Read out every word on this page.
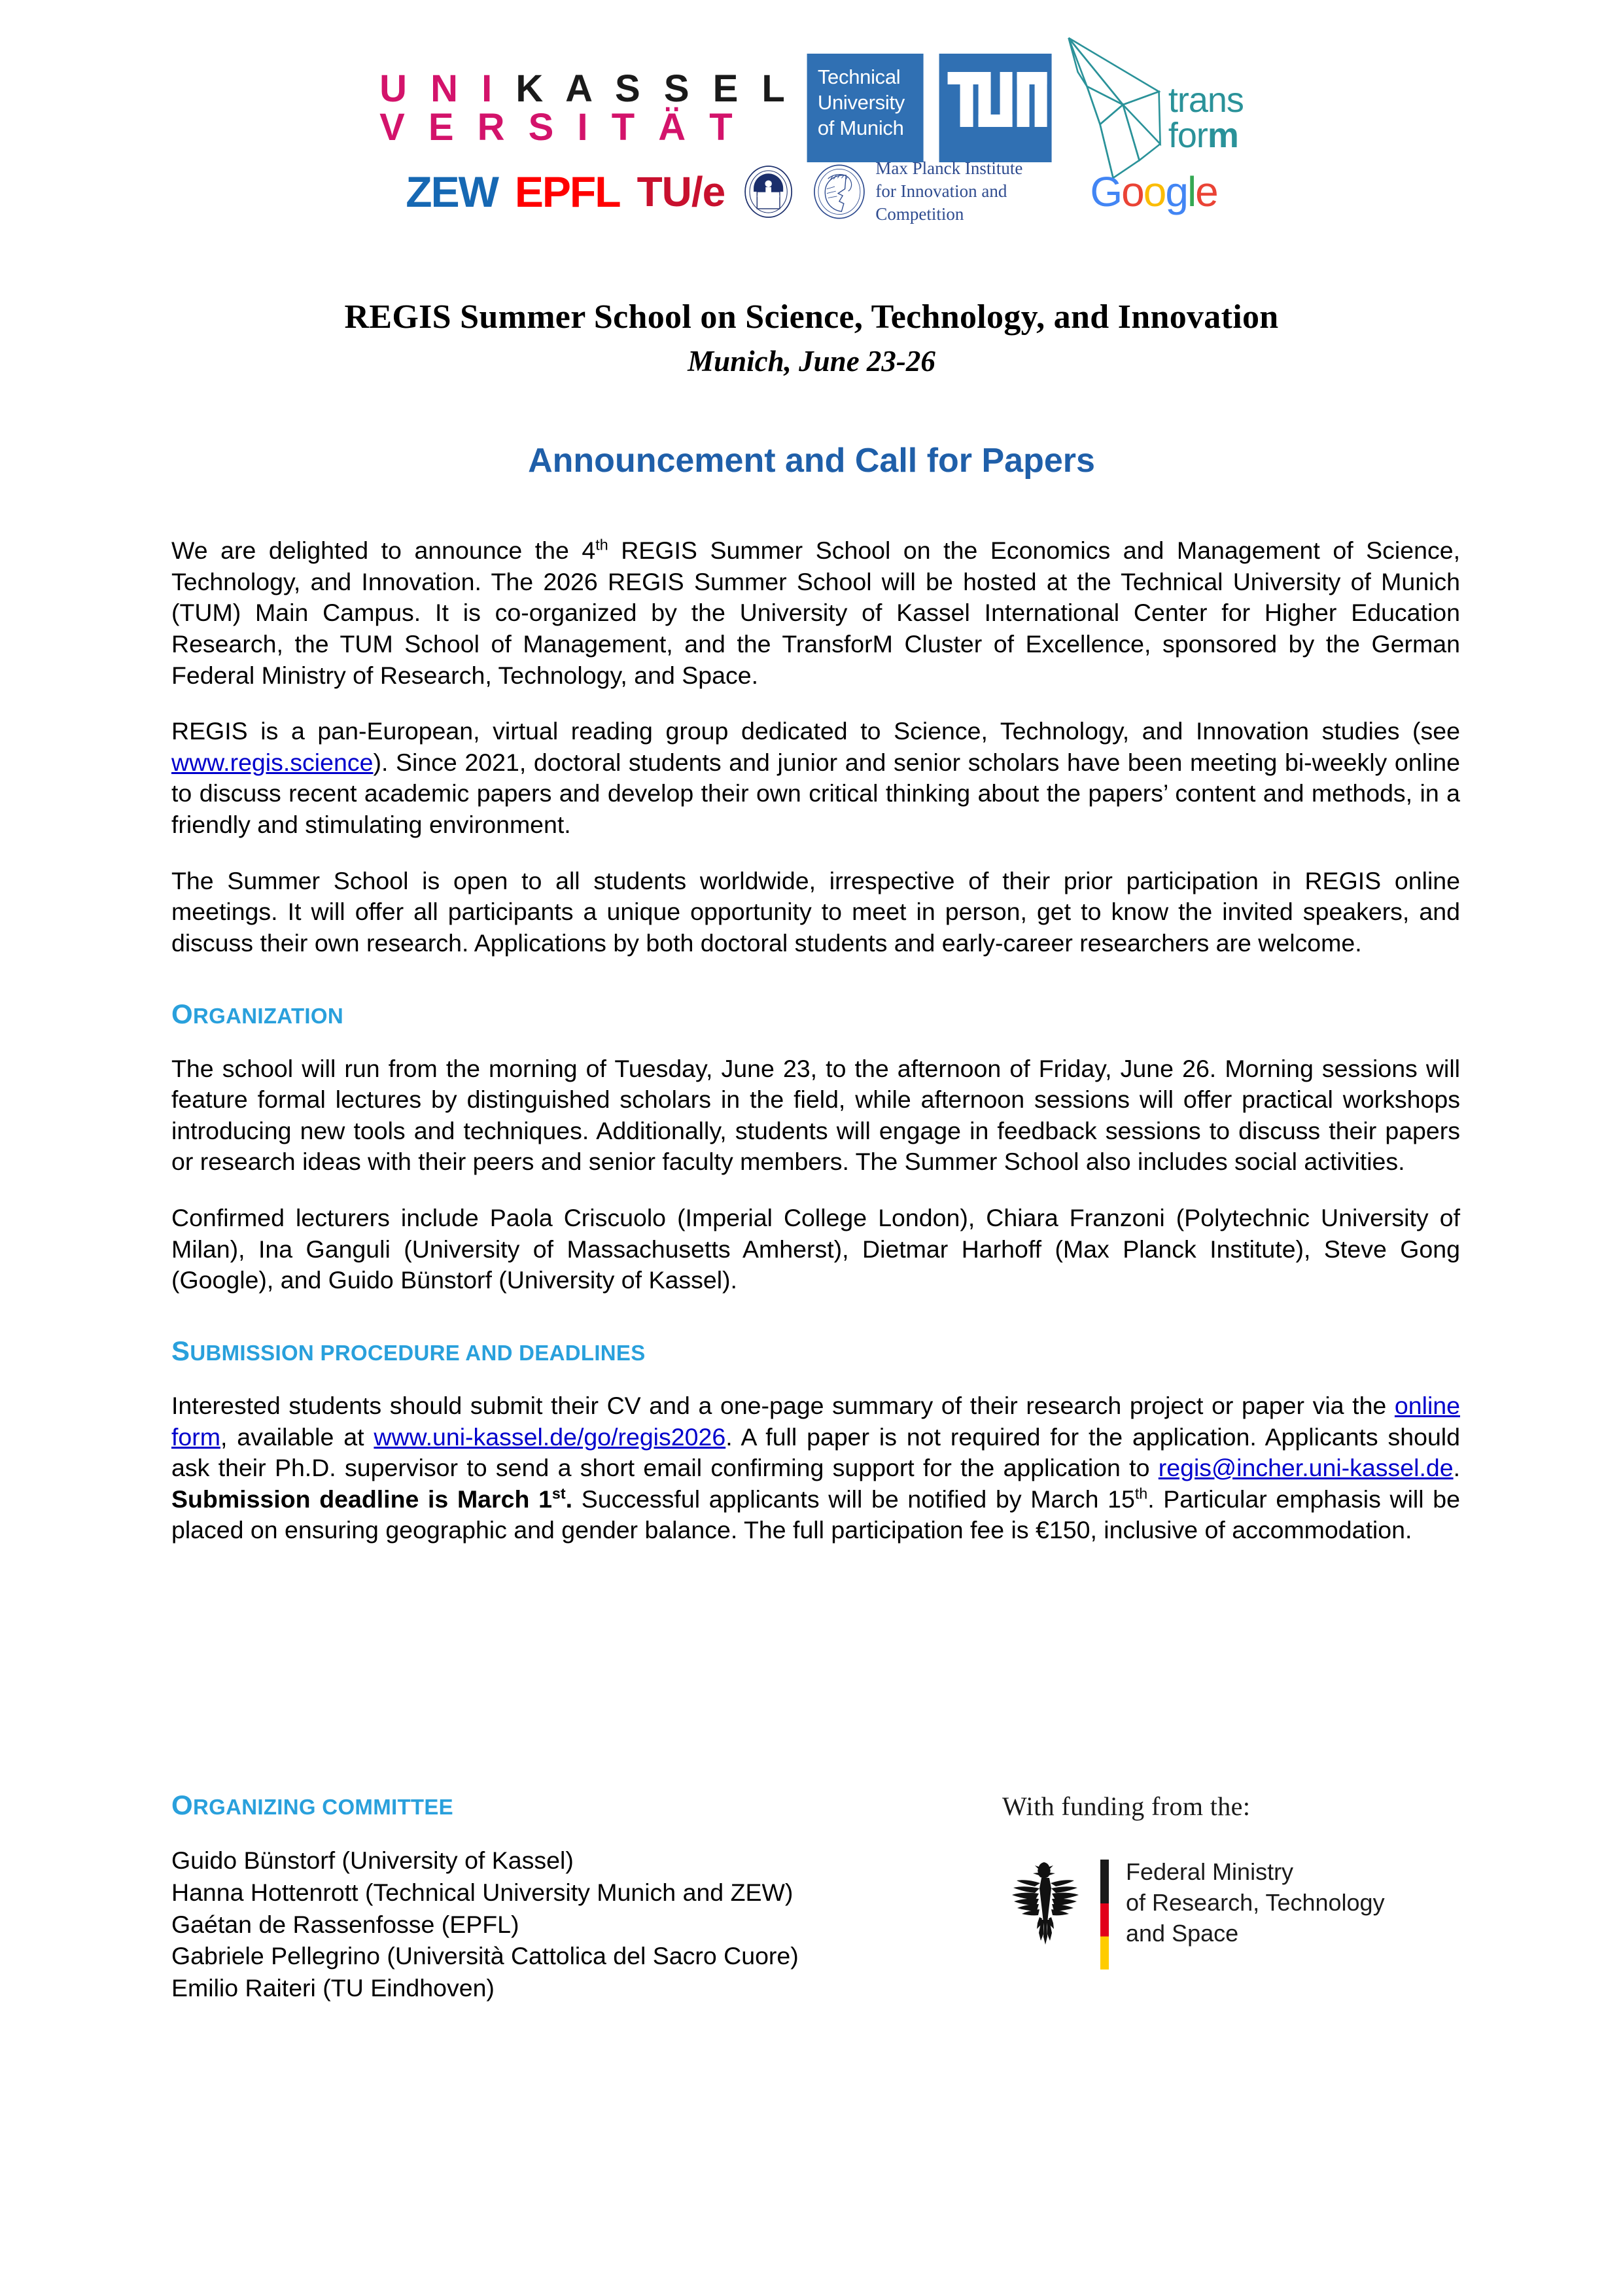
U N I K A S S E L
V E R S I T Ä T
Technical
University
of Munich
trans
form
ZEW EPFL TU/e	Max Planck Institute
for Innovation and Competition	Google
REGIS Summer School on Science, Technology, and Innovation
Munich, June 23-26
Announcement and Call for Papers

We are delighted to announce the 4th REGIS Summer School on the Economics and Management of Science, Technology, and Innovation. The 2026 REGIS Summer School will be hosted at the Technical University of Munich (TUM) Main Campus. It is co-organized by the University of Kassel International Center for Higher Education Research, the TUM School of Management, and the TransforM Cluster of Excellence, sponsored by the German Federal Ministry of Research, Technology, and Space.

REGIS is a pan-European, virtual reading group dedicated to Science, Technology, and Innovation studies (see www.regis.science). Since 2021, doctoral students and junior and senior scholars have been meeting bi-weekly online to discuss recent academic papers and develop their own critical thinking about the papers’ content and methods, in a friendly and stimulating environment.

The Summer School is open to all students worldwide, irrespective of their prior participation in REGIS online meetings. It will offer all participants a unique opportunity to meet in person, get to know the invited speakers, and discuss their own research. Applications by both doctoral students and early-career researchers are welcome.

ORGANIZATION

The school will run from the morning of Tuesday, June 23, to the afternoon of Friday, June 26. Morning sessions will feature formal lectures by distinguished scholars in the field, while afternoon sessions will offer practical workshops introducing new tools and techniques. Additionally, students will engage in feedback sessions to discuss their papers or research ideas with their peers and senior faculty members. The Summer School also includes social activities.

Confirmed lecturers include Paola Criscuolo (Imperial College London), Chiara Franzoni (Polytechnic University of Milan), Ina Ganguli (University of Massachusetts Amherst), Dietmar Harhoff (Max Planck Institute), Steve Gong (Google), and Guido Bünstorf (University of Kassel).

SUBMISSION PROCEDURE AND DEADLINES

Interested students should submit their CV and a one-page summary of their research project or paper via the online form, available at www.uni-kassel.de/go/regis2026. A full paper is not required for the application. Applicants should ask their Ph.D. supervisor to send a short email confirming support for the application to regis@incher.uni-kassel.de. Submission deadline is March 1st. Successful applicants will be notified by March 15th. Particular emphasis will be placed on ensuring geographic and gender balance. The full participation fee is €150, inclusive of accommodation.

ORGANIZING COMMITTEE
Guido Bünstorf (University of Kassel)
Hanna Hottenrott (Technical University Munich and ZEW)
Gaétan de Rassenfosse (EPFL)
Gabriele Pellegrino (Università Cattolica del Sacro Cuore)
Emilio Raiteri (TU Eindhoven)
With funding from the:
Federal Ministry
of Research, Technology
and Space
